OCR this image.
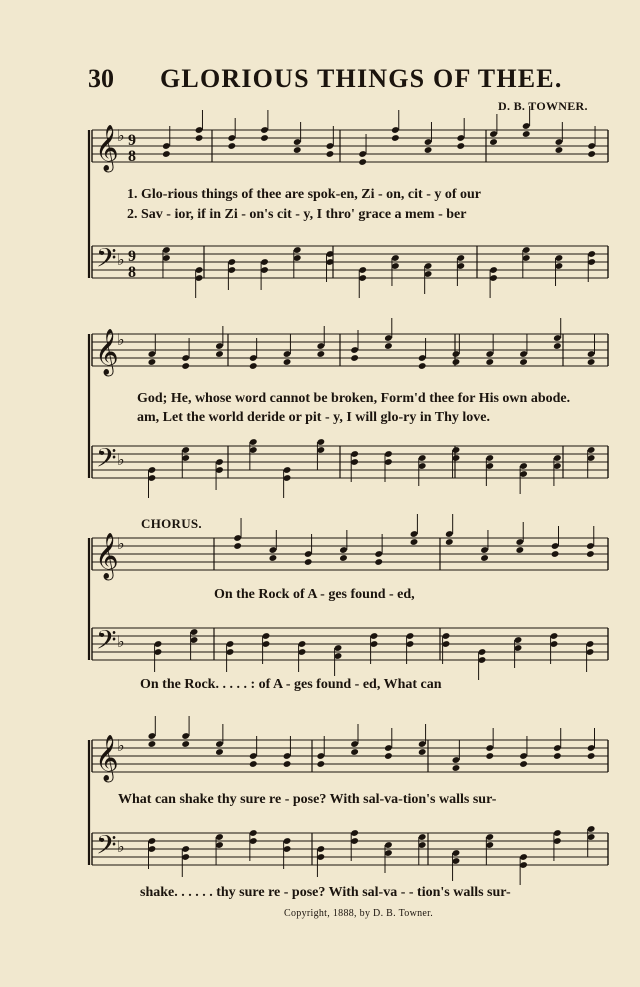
30 GLORIOUS THINGS OF THEE.
D. B. TOWNER.
𝄞
♭ 9
8
𝄢 ♭ 9
8
𝄞
♭
𝄢 ♭
𝄞
♭
𝄢 ♭
𝄞
♭
𝄢 ♭
1. Glo-rious things of thee are spok-en, Zi - on, cit - y of our
2. Sav - ior, if in Zi - on's cit - y, I thro' grace a mem - ber
God; He, whose word cannot be broken, Form'd thee for His own abode.
am, Let the world deride or pit - y, I will glo-ry in Thy love.
CHORUS.
On the Rock of A - ges found - ed,
On the Rock. . . . . : of A - ges found - ed, What can
What can shake thy sure re - pose? With sal-va-tion's walls sur-
shake. . . . . . thy sure re - pose? With sal-va - - tion's walls sur-
Copyright, 1888, by D. B. Towner.
